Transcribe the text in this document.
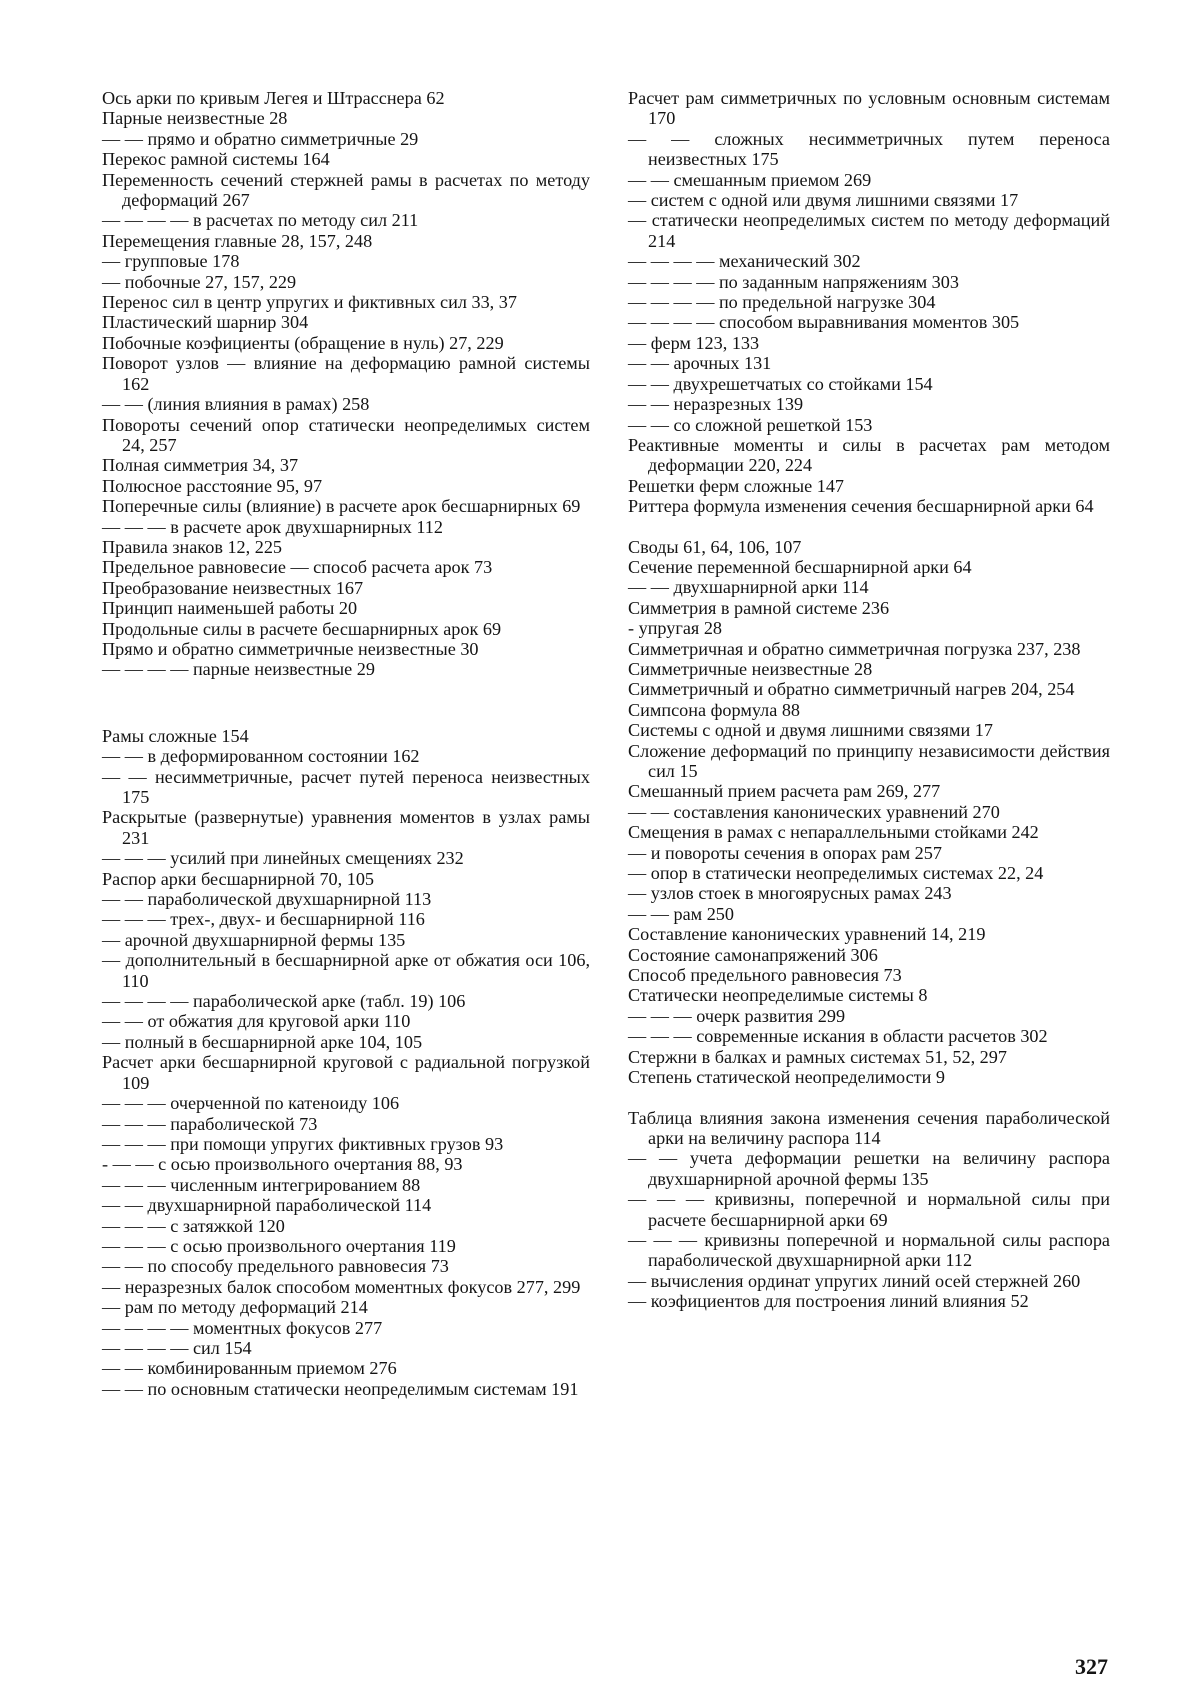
Ось арки по кривым Легея и Штрасснера 62
Парные неизвестные 28
— — прямо и обратно симметричные 29
Перекос рамной системы 164
Переменность сечений стержней рамы в расчетах по методу деформаций 267
— — — — в расчетах по методу сил 211
Перемещения главные 28, 157, 248
— групповые 178
— побочные 27, 157, 229
Перенос сил в центр упругих и фиктивных сил 33, 37
Пластический шарнир 304
Побочные коэфициенты (обращение в нуль) 27, 229
Поворот узлов — влияние на деформацию рамной системы 162
— — (линия влияния в рамах) 258
Повороты сечений опор статически неопределимых систем 24, 257
Полная симметрия 34, 37
Полюсное расстояние 95, 97
Поперечные силы (влияние) в расчете арок бесшарнирных 69
— — — в расчете арок двухшарнирных 112
Правила знаков 12, 225
Предельное равновесие — способ расчета арок 73
Преобразование неизвестных 167
Принцип наименьшей работы 20
Продольные силы в расчете бесшарнирных арок 69
Прямо и обратно симметричные неизвестные 30
— — — — парные неизвестные 29
Рамы сложные 154
— — в деформированном состоянии 162
— — несимметричные, расчет путей переноса неизвестных 175
Раскрытые (развернутые) уравнения моментов в узлах рамы 231
— — — усилий при линейных смещениях 232
Распор арки бесшарнирной 70, 105
— — параболической двухшарнирной 113
— — — трех-, двух- и бесшарнирной 116
— арочной двухшарнирной фермы 135
— дополнительный в бесшарнирной арке от обжатия оси 106, 110
— — — — параболической арке (табл. 19) 106
— — от обжатия для круговой арки 110
— полный в бесшарнирной арке 104, 105
Расчет арки бесшарнирной круговой с радиальной погрузкой 109
— — — очерченной по катеноиду 106
— — — параболической 73
— — — при помощи упругих фиктивных грузов 93
- — — с осью произвольного очертания 88, 93
— — — численным интегрированием 88
— — двухшарнирной параболической 114
— — — с затяжкой 120
— — — с осью произвольного очертания 119
— — по способу предельного равновесия 73
— неразрезных балок способом моментных фокусов 277, 299
— рам по методу деформаций 214
— — — — моментных фокусов 277
— — — — сил 154
— — комбинированным приемом 276
— — по основным статически неопределимым системам 191
Расчет рам симметричных по условным основным системам 170
— — сложных несимметричных путем переноса неизвестных 175
— — смешанным приемом 269
— систем с одной или двумя лишними связями 17
— статически неопределимых систем по методу деформаций 214
— — — — механический 302
— — — — по заданным напряжениям 303
— — — — по предельной нагрузке 304
— — — — способом выравнивания моментов 305
— ферм 123, 133
— — арочных 131
— — двухрешетчатых со стойками 154
— — неразрезных 139
— — со сложной решеткой 153
Реактивные моменты и силы в расчетах рам методом деформации 220, 224
Решетки ферм сложные 147
Риттера формула изменения сечения бесшарнирной арки 64
Своды 61, 64, 106, 107
Сечение переменной бесшарнирной арки 64
— — двухшарнирной арки 114
Симметрия в рамной системе 236
- упругая 28
Симметричная и обратно симметричная погрузка 237, 238
Симметричные неизвестные 28
Симметричный и обратно симметричный нагрев 204, 254
Симпсона формула 88
Системы с одной и двумя лишними связями 17
Сложение деформаций по принципу независимости действия сил 15
Смешанный прием расчета рам 269, 277
— — составления канонических уравнений 270
Смещения в рамах с непараллельными стойками 242
— и повороты сечения в опорах рам 257
— опор в статически неопределимых системах 22, 24
— узлов стоек в многоярусных рамах 243
— — рам 250
Составление канонических уравнений 14, 219
Состояние самонапряжений 306
Способ предельного равновесия 73
Статически неопределимые системы 8
— — — очерк развития 299
— — — современные искания в области расчетов 302
Стержни в балках и рамных системах 51, 52, 297
Степень статической неопределимости 9
Таблица влияния закона изменения сечения параболической арки на величину распора 114
— — учета деформации решетки на величину распора двухшарнирной арочной фермы 135
— — — кривизны, поперечной и нормальной силы при расчете бесшарнирной арки 69
— — — кривизны поперечной и нормальной силы распора параболической двухшарнирной арки 112
— вычисления ординат упругих линий осей стержней 260
— коэфициентов для построения линий влияния 52
327
